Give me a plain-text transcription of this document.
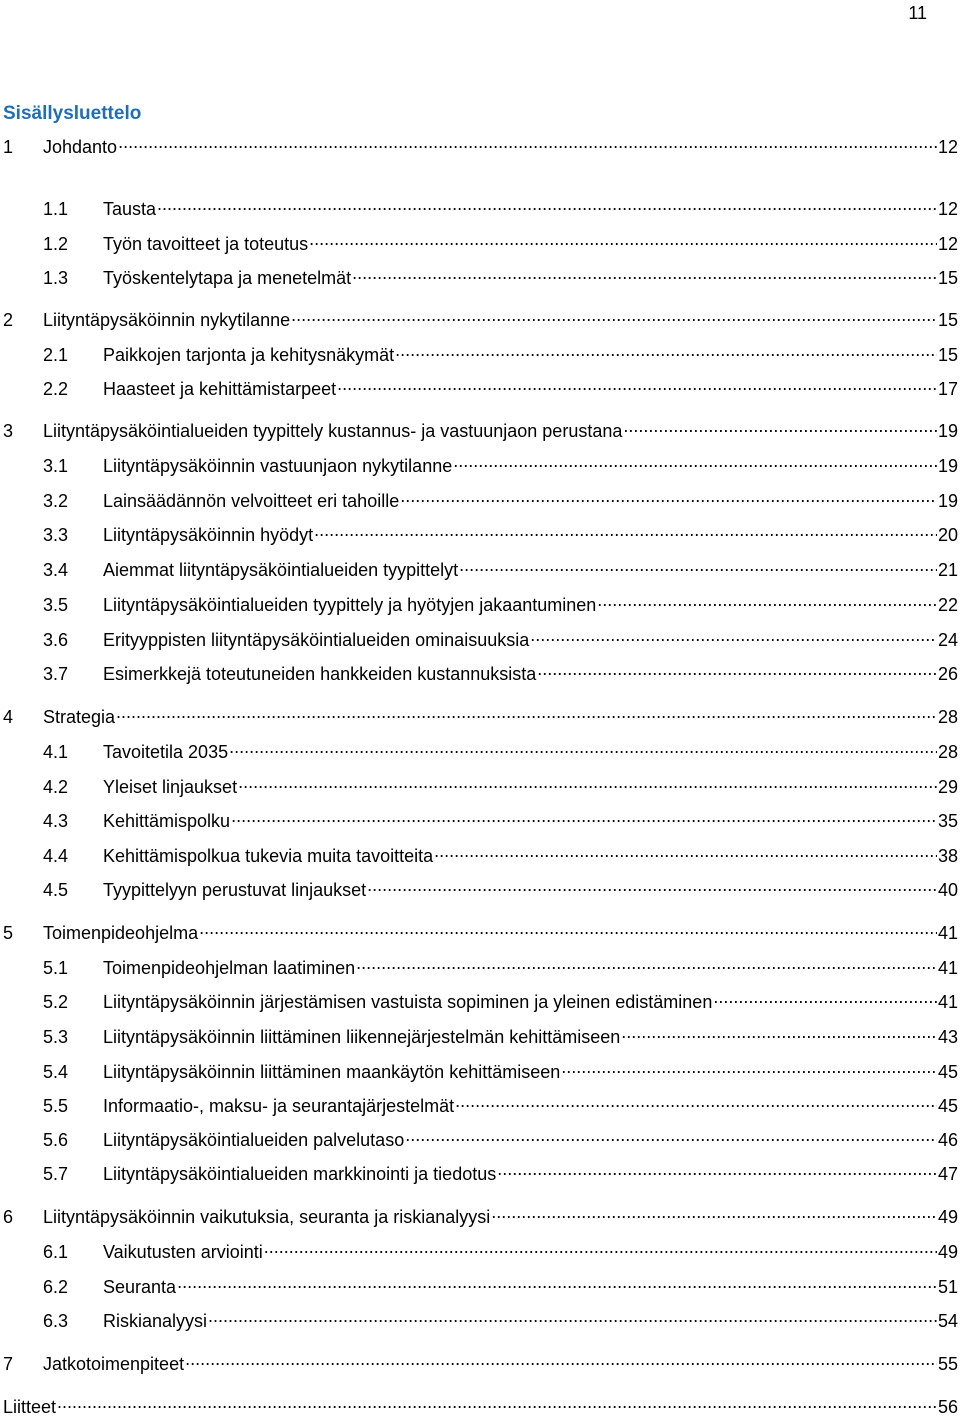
11
Sisällysluettelo
1	Johdanto .....	12
1.1	Tausta .....	12
1.2	Työn tavoitteet ja toteutus .....	12
1.3	Työskentelytapa ja menetelmät .....	15
2	Liityntäpysäköinnin nykytilanne .....	15
2.1	Paikkojen tarjonta ja kehitysnäkymät .....	15
2.2	Haasteet ja kehittämistarpeet .....	17
3	Liityntäpysäköintialueiden tyypittely kustannus- ja vastuunjaon perustana .....	19
3.1	Liityntäpysäköinnin vastuunjaon nykytilanne .....	19
3.2	Lainsäädännön velvoitteet eri tahoille .....	19
3.3	Liityntäpysäköinnin hyödyt .....	20
3.4	Aiemmat liityntäpysäköintialueiden tyypittelyt .....	21
3.5	Liityntäpysäköintialueiden tyypittely ja hyötyjen jakaantuminen .....	22
3.6	Erityyppisten liityntäpysäköintialueiden ominaisuuksia .....	24
3.7	Esimerkkejä toteutuneiden hankkeiden kustannuksista .....	26
4	Strategia .....	28
4.1	Tavoitetila 2035 .....	28
4.2	Yleiset linjaukset .....	29
4.3	Kehittämispolku .....	35
4.4	Kehittämispolkua tukevia muita tavoitteita .....	38
4.5	Tyypittelyyn perustuvat linjaukset .....	40
5	Toimenpideohjelma .....	41
5.1	Toimenpideohjelman laatiminen .....	41
5.2	Liityntäpysäköinnin järjestämisen vastuista sopiminen ja yleinen edistäminen .....	41
5.3	Liityntäpysäköinnin liittäminen liikennejärjestelmän kehittämiseen .....	43
5.4	Liityntäpysäköinnin liittäminen maankäytön kehittämiseen .....	45
5.5	Informaatio-, maksu- ja seurantajärjestelmät .....	45
5.6	Liityntäpysäköintialueiden palvelutaso .....	46
5.7	Liityntäpysäköintialueiden markkinointi ja tiedotus .....	47
6	Liityntäpysäköinnin vaikutuksia, seuranta ja riskianalyysi .....	49
6.1	Vaikutusten arviointi .....	49
6.2	Seuranta .....	51
6.3	Riskianalyysi .....	54
7	Jatkotoimenpiteet .....	55
Liitteet .....	56
